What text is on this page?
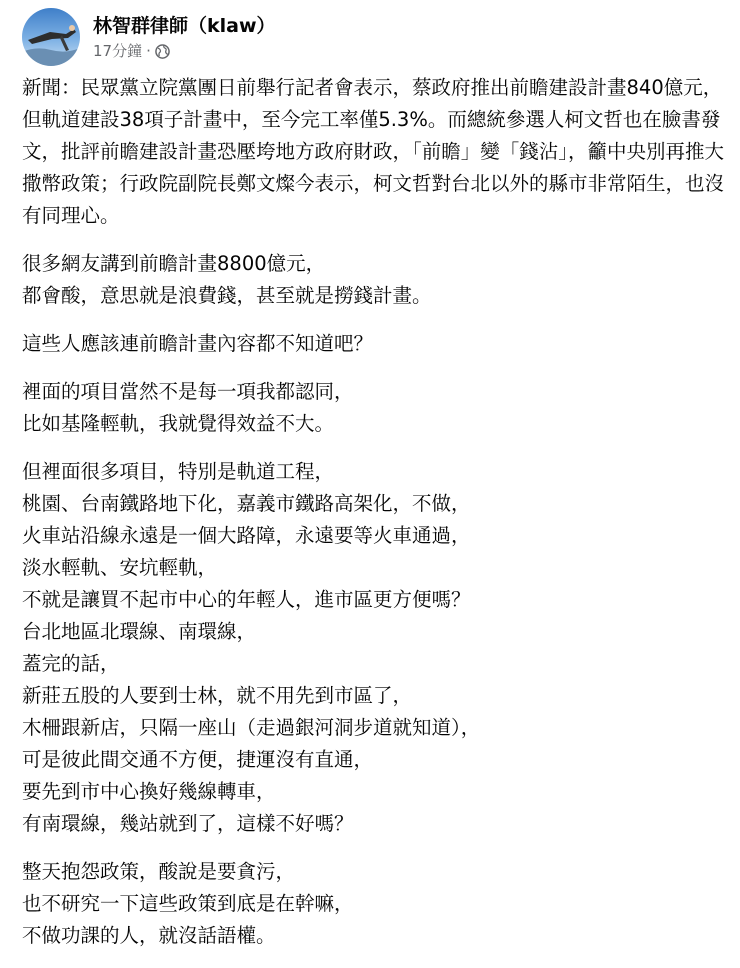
林智群律師（klaw）
17分鐘 ·

新聞：民眾黨立院黨團日前舉行記者會表示，蔡政府推出前瞻建設計畫840億元，但軌道建設38項子計畫中，至今完工率僅5.3%。而總統參選人柯文哲也在臉書發文，批評前瞻建設計畫恐壓垮地方政府財政，「前瞻」變「錢沾」，籲中央別再推大撒幣政策；行政院副院長鄭文燦今表示，柯文哲對台北以外的縣市非常陌生，也沒有同理心。

很多網友講到前瞻計畫8800億元，
都會酸，意思就是浪費錢，甚至就是撈錢計畫。

這些人應該連前瞻計畫內容都不知道吧？

裡面的項目當然不是每一項我都認同，
比如基隆輕軌，我就覺得效益不大。

但裡面很多項目，特別是軌道工程，
桃園、台南鐵路地下化，嘉義市鐵路高架化，不做，
火車站沿線永遠是一個大路障，永遠要等火車通過，
淡水輕軌、安坑輕軌，
不就是讓買不起市中心的年輕人，進市區更方便嗎？
台北地區北環線、南環線，
蓋完的話，
新莊五股的人要到士林，就不用先到市區了，
木柵跟新店，只隔一座山（走過銀河洞步道就知道），
可是彼此間交通不方便，捷運沒有直通，
要先到市中心換好幾線轉車，
有南環線，幾站就到了，這樣不好嗎？

整天抱怨政策，酸說是要貪污，
也不研究一下這些政策到底是在幹嘛，
不做功課的人，就沒話語權。
